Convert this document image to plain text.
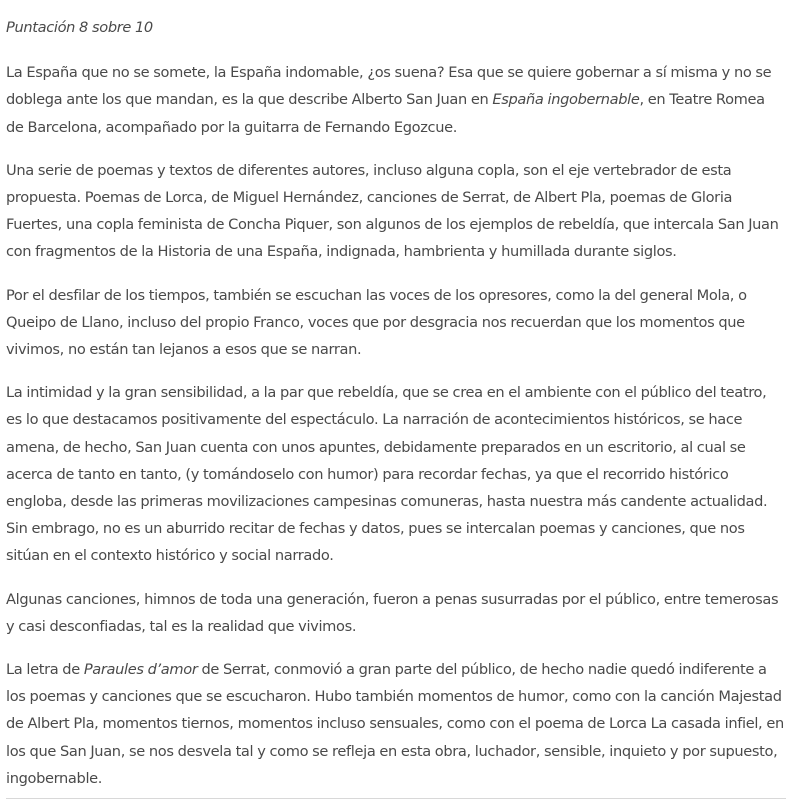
Puntación 8 sobre 10

La España que no se somete, la España indomable, ¿os suena? Esa que se quiere gobernar a sí misma y no se doblega ante los que mandan, es la que describe Alberto San Juan en España ingobernable, en Teatre Romea de Barcelona, acompañado por la guitarra de Fernando Egozcue.

Una serie de poemas y textos de diferentes autores, incluso alguna copla, son el eje vertebrador de esta propuesta. Poemas de Lorca, de Miguel Hernández, canciones de Serrat, de Albert Pla, poemas de Gloria Fuertes, una copla feminista de Concha Piquer, son algunos de los ejemplos de rebeldía, que intercala San Juan con fragmentos de la Historia de una España, indignada, hambrienta y humillada durante siglos.

Por el desfilar de los tiempos, también se escuchan las voces de los opresores, como la del general Mola, o Queipo de Llano, incluso del propio Franco, voces que por desgracia nos recuerdan que los momentos que vivimos, no están tan lejanos a esos que se narran.

La intimidad y la gran sensibilidad, a la par que rebeldía, que se crea en el ambiente con el público del teatro, es lo que destacamos positivamente del espectáculo. La narración de acontecimientos históricos, se hace amena, de hecho, San Juan cuenta con unos apuntes, debidamente preparados en un escritorio, al cual se acerca de tanto en tanto, (y tomándoselo con humor) para recordar fechas, ya que el recorrido histórico engloba, desde las primeras movilizaciones campesinas comuneras, hasta nuestra más candente actualidad. Sin embrago, no es un aburrido recitar de fechas y datos, pues se intercalan poemas y canciones, que nos sitúan en el contexto histórico y social narrado.

Algunas canciones, himnos de toda una generación, fueron a penas susurradas por el público, entre temerosas y casi desconfiadas, tal es la realidad que vivimos.

La letra de Paraules d’amor de Serrat, conmovió a gran parte del público, de hecho nadie quedó indiferente a los poemas y canciones que se escucharon. Hubo también momentos de humor, como con la canción Majestad de Albert Pla, momentos tiernos, momentos incluso sensuales, como con el poema de Lorca La casada infiel, en los que San Juan, se nos desvela tal y como se refleja en esta obra, luchador, sensible, inquieto y por supuesto, ingobernable.
